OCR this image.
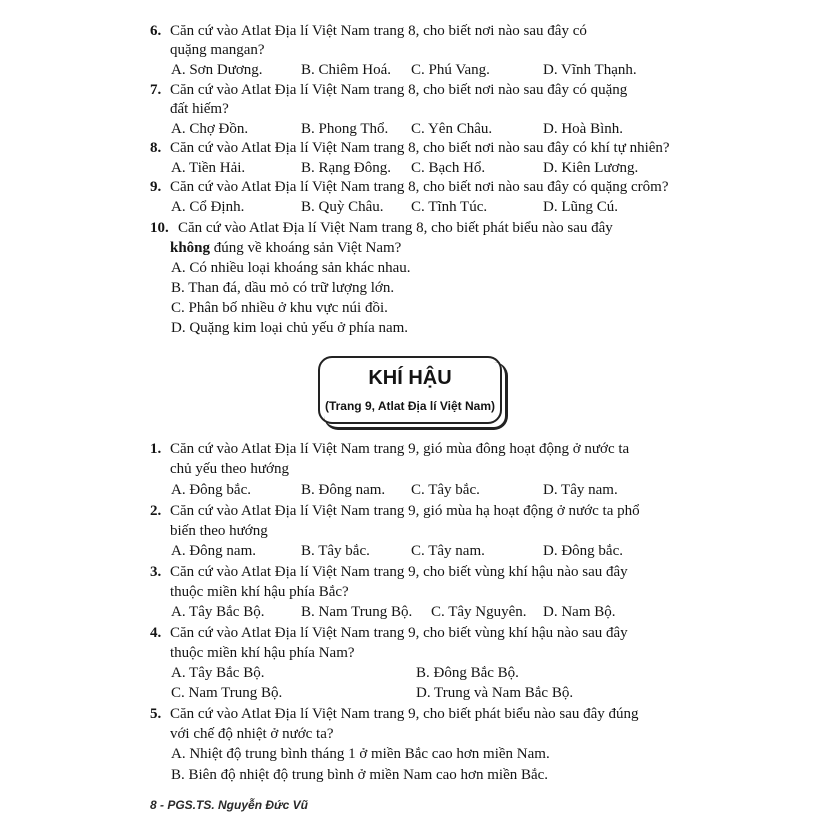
6. Căn cứ vào Atlat Địa lí Việt Nam trang 8, cho biết nơi nào sau đây có
quặng mangan?
A. Sơn Dương.	B. Chiêm Hoá. C. Phú Vang.	D. Vĩnh Thạnh.
7. Căn cứ vào Atlat Địa lí Việt Nam trang 8, cho biết nơi nào sau đây có quặng
đất hiếm?
A. Chợ Đồn.	B. Phong Thổ. C. Yên Châu.	D. Hoà Bình.
8. Căn cứ vào Atlat Địa lí Việt Nam trang 8, cho biết nơi nào sau đây có khí tự nhiên?
A. Tiền Hải.	B. Rạng Đông. C. Bạch Hổ.	D. Kiên Lương.
9. Căn cứ vào Atlat Địa lí Việt Nam trang 8, cho biết nơi nào sau đây có quặng crôm?
A. Cổ Định.	B. Quỳ Châu. C. Tĩnh Túc.	D. Lũng Cú.
10. Căn cứ vào Atlat Địa lí Việt Nam trang 8, cho biết phát biểu nào sau đây
không đúng về khoáng sản Việt Nam?
A. Có nhiều loại khoáng sản khác nhau.
B. Than đá, dầu mỏ có trữ lượng lớn.
C. Phân bố nhiều ở khu vực núi đồi.
D. Quặng kim loại chủ yếu ở phía nam.
KHÍ HẬU
(Trang 9, Atlat Địa lí Việt Nam)
1. Căn cứ vào Atlat Địa lí Việt Nam trang 9, gió mùa đông hoạt động ở nước ta
chủ yếu theo hướng
A. Đông bắc.	B. Đông nam. C. Tây bắc.	D. Tây nam.
2. Căn cứ vào Atlat Địa lí Việt Nam trang 9, gió mùa hạ hoạt động ở nước ta phổ
biến theo hướng
A. Đông nam.	B. Tây bắc.	C. Tây nam.	D. Đông bắc.
3. Căn cứ vào Atlat Địa lí Việt Nam trang 9, cho biết vùng khí hậu nào sau đây
thuộc miền khí hậu phía Bắc?
A. Tây Bắc Bộ. B. Nam Trung Bộ. C. Tây Nguyên. D. Nam Bộ.
4. Căn cứ vào Atlat Địa lí Việt Nam trang 9, cho biết vùng khí hậu nào sau đây
thuộc miền khí hậu phía Nam?
A. Tây Bắc Bộ.	B. Đông Bắc Bộ.
C. Nam Trung Bộ.	D. Trung và Nam Bắc Bộ.
5. Căn cứ vào Atlat Địa lí Việt Nam trang 9, cho biết phát biểu nào sau đây đúng
với chế độ nhiệt ở nước ta?
A. Nhiệt độ trung bình tháng 1 ở miền Bắc cao hơn miền Nam.
B. Biên độ nhiệt độ trung bình ở miền Nam cao hơn miền Bắc.
8 - PGS.TS. Nguyễn Đức Vũ
